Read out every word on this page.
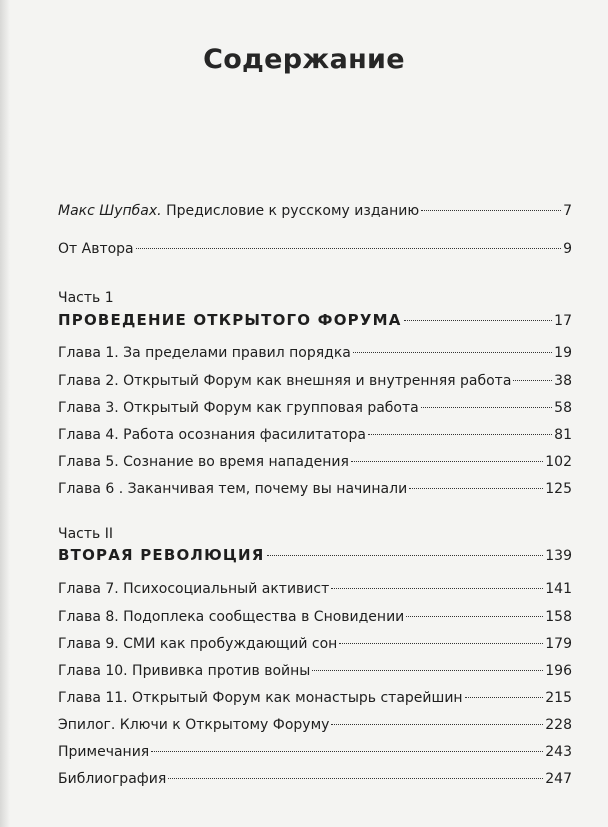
Содержание
Макс Шупбах. Предисловие к русскому изданию	7
От Автора	9
Часть 1
ПРОВЕДЕНИЕ ОТКРЫТОГО ФОРУМА	17
Глава 1. За пределами правил порядка	19
Глава 2. Открытый Форум как внешняя и внутренняя работа	38
Глава 3. Открытый Форум как групповая работа	58
Глава 4. Работа осознания фасилитатора	81
Глава 5. Сознание во время нападения	102
Глава 6 . Заканчивая тем, почему вы начинали	125
Часть II
ВТОРАЯ РЕВОЛЮЦИЯ	139
Глава 7. Психосоциальный активист	141
Глава 8. Подоплека сообщества в Сновидении	158
Глава 9. СМИ как пробуждающий сон	179
Глава 10. Прививка против войны	196
Глава 11. Открытый Форум как монастырь старейшин	215
Эпилог. Ключи к Открытому Форуму	228
Примечания	243
Библиография	247
